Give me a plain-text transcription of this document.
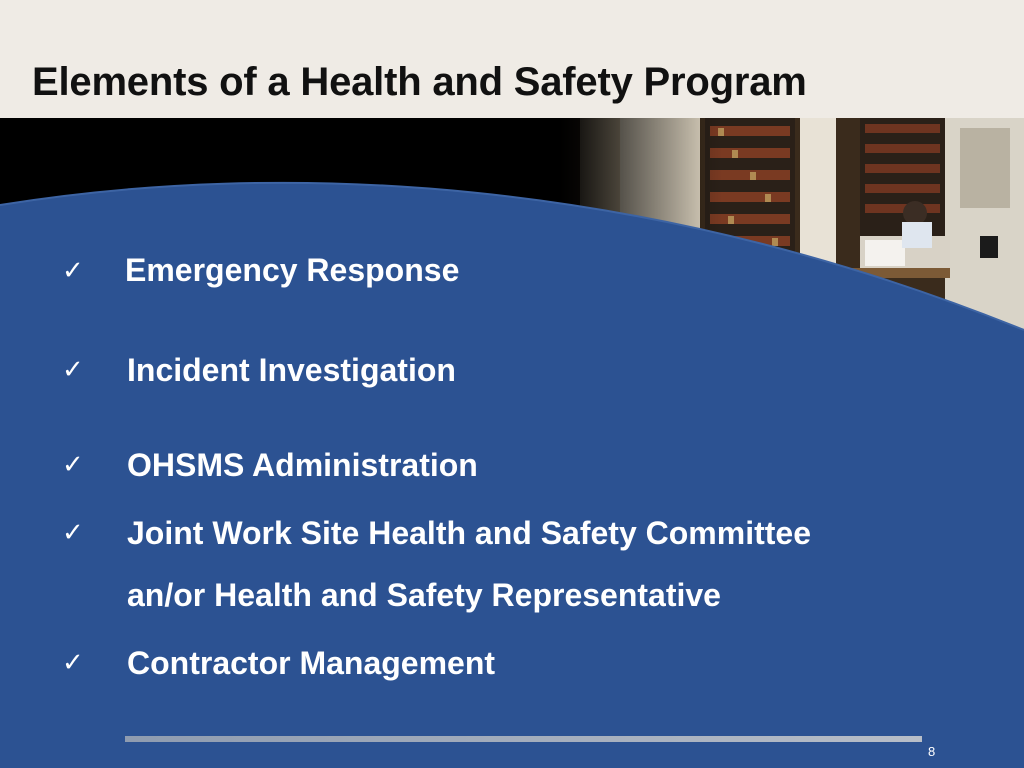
Elements of a Health and Safety Program
✓ Emergency Response
✓ Incident Investigation
✓ OHSMS Administration
✓ Joint Work Site Health and Safety Committee
an/or Health and Safety Representative
✓ Contractor Management
8
